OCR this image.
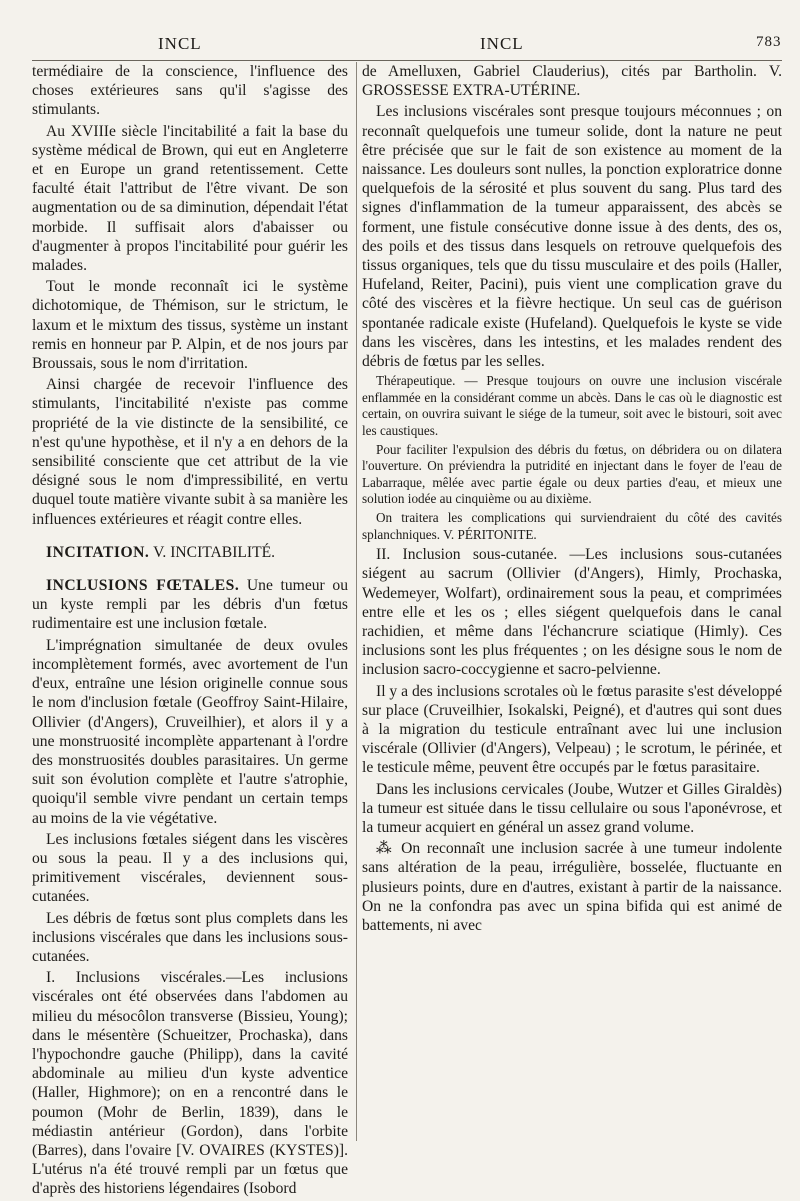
INCL	INCL	783

termédiaire de la conscience, l'influence des choses extérieures sans qu'il s'agisse des stimulants.

Au XVIIIe siècle l'incitabilité a fait la base du système médical de Brown, qui eut en Angleterre et en Europe un grand retentissement. Cette faculté était l'attribut de l'être vivant. De son augmentation ou de sa diminution, dépendait l'état morbide. Il suffisait alors d'abaisser ou d'augmenter à propos l'incitabilité pour guérir les malades.

Tout le monde reconnaît ici le système dichotomique, de Thémison, sur le strictum, le laxum et le mixtum des tissus, système un instant remis en honneur par P. Alpin, et de nos jours par Broussais, sous le nom d'irritation.

Ainsi chargée de recevoir l'influence des stimulants, l'incitabilité n'existe pas comme propriété de la vie distincte de la sensibilité, ce n'est qu'une hypothèse, et il n'y a en dehors de la sensibilité consciente que cet attribut de la vie désigné sous le nom d'impressibilité, en vertu duquel toute matière vivante subit à sa manière les influences extérieures et réagit contre elles.

INCITATION. V. INCITABILITÉ.

INCLUSIONS FŒTALES. Une tumeur ou un kyste rempli par les débris d'un fœtus rudimentaire est une inclusion fœtale.

L'imprégnation simultanée de deux ovules incomplètement formés, avec avortement de l'un d'eux, entraîne une lésion originelle connue sous le nom d'inclusion fœtale (Geoffroy Saint-Hilaire, Ollivier (d'Angers), Cruveilhier), et alors il y a une monstruosité incomplète appartenant à l'ordre des monstruosités doubles parasitaires. Un germe suit son évolution complète et l'autre s'atrophie, quoiqu'il semble vivre pendant un certain temps au moins de la vie végétative.

Les inclusions fœtales siégent dans les viscères ou sous la peau. Il y a des inclusions qui, primitivement viscérales, deviennent sous-cutanées.

Les débris de fœtus sont plus complets dans les inclusions viscérales que dans les inclusions sous-cutanées.

I. Inclusions viscérales.—Les inclusions viscérales ont été observées dans l'abdomen au milieu du mésocôlon transverse (Bissieu, Young); dans le mésentère (Schueitzer, Prochaska), dans l'hypochondre gauche (Philipp), dans la cavité abdominale au milieu d'un kyste adventice (Haller, Highmore); on en a rencontré dans le poumon (Mohr de Berlin, 1839), dans le médiastin antérieur (Gordon), dans l'orbite (Barres), dans l'ovaire [V. OVAIRES (KYSTES)]. L'utérus n'a été trouvé rempli par un fœtus que d'après des historiens légendaires (Isobord

de Amelluxen, Gabriel Clauderius), cités par Bartholin. V. GROSSESSE EXTRA-UTÉRINE.

Les inclusions viscérales sont presque toujours méconnues ; on reconnaît quelquefois une tumeur solide, dont la nature ne peut être précisée que sur le fait de son existence au moment de la naissance. Les douleurs sont nulles, la ponction exploratrice donne quelquefois de la sérosité et plus souvent du sang. Plus tard des signes d'inflammation de la tumeur apparaissent, des abcès se forment, une fistule consécutive donne issue à des dents, des os, des poils et des tissus dans lesquels on retrouve quelquefois des tissus organiques, tels que du tissu musculaire et des poils (Haller, Hufeland, Reiter, Pacini), puis vient une complication grave du côté des viscères et la fièvre hectique. Un seul cas de guérison spontanée radicale existe (Hufeland). Quelquefois le kyste se vide dans les viscères, dans les intestins, et les malades rendent des débris de fœtus par les selles.

Thérapeutique. — Presque toujours on ouvre une inclusion viscérale enflammée en la considérant comme un abcès. Dans le cas où le diagnostic est certain, on ouvrira suivant le siége de la tumeur, soit avec le bistouri, soit avec les caustiques.

Pour faciliter l'expulsion des débris du fœtus, on débridera ou on dilatera l'ouverture. On préviendra la putridité en injectant dans le foyer de l'eau de Labarraque, mêlée avec partie égale ou deux parties d'eau, et mieux une solution iodée au cinquième ou au dixième.

On traitera les complications qui surviendraient du côté des cavités splanchniques. V. PÉRITONITE.

II. Inclusion sous-cutanée. —Les inclusions sous-cutanées siégent au sacrum (Ollivier (d'Angers), Himly, Prochaska, Wedemeyer, Wolfart), ordinairement sous la peau, et comprimées entre elle et les os ; elles siégent quelquefois dans le canal rachidien, et même dans l'échancrure sciatique (Himly). Ces inclusions sont les plus fréquentes ; on les désigne sous le nom de inclusion sacro-coccygienne et sacro-pelvienne.

Il y a des inclusions scrotales où le fœtus parasite s'est développé sur place (Cruveilhier, Isokalski, Peigné), et d'autres qui sont dues à la migration du testicule entraînant avec lui une inclusion viscérale (Ollivier (d'Angers), Velpeau) ; le scrotum, le périnée, et le testicule même, peuvent être occupés par le fœtus parasitaire.

Dans les inclusions cervicales (Joube, Wutzer et Gilles Giraldès) la tumeur est située dans le tissu cellulaire ou sous l'aponévrose, et la tumeur acquiert en général un assez grand volume.

⁂ On reconnaît une inclusion sacrée à une tumeur indolente sans altération de la peau, irrégulière, bosselée, fluctuante en plusieurs points, dure en d'autres, existant à partir de la naissance. On ne la confondra pas avec un spina bifida qui est animé de battements, ni avec
